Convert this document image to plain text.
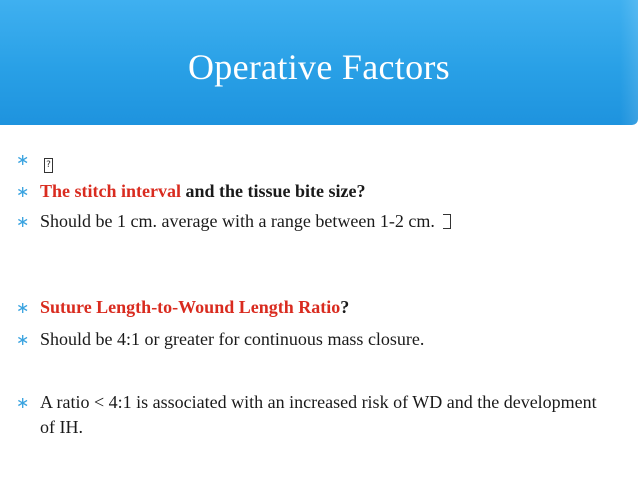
Operative Factors
∗	?
∗ The stitch interval and the tissue bite size?
∗ Should be 1 cm. average with a range between 1-2 cm.
∗ Suture Length-to-Wound Length Ratio?
∗ Should be 4:1 or greater for continuous mass closure.
∗ A ratio < 4:1 is associated with an increased risk of WD and the development of IH.
